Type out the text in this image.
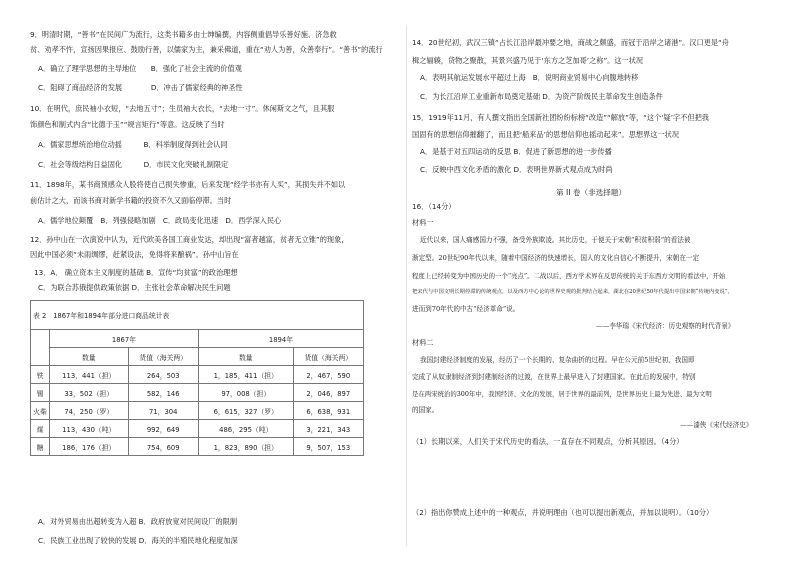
9．明清时期，“善书”在民间广为流行，这类书籍多由士绅编撰，内容侧重倡导乐善好施、济急救
贫、劝孝不忤，宣扬因果报应、鼓励行善，以儒家为主，兼采佛道，重在“劝人为善，众善奉行”。“善书”的流行
A．确立了理学思想的主导地位　　B．强化了社会主流的价值观
C．阻碍了商品经济的发展　　　　D．冲击了儒家经典的神圣性
10．在明代，庶民袖小衣短，“去地五寸”；生员袖大衣长，“去地一寸”。休闲斯文之气，且其服
饰颜色和制式内含“比德于玉”“规言矩行”等意。这反映了当时
A．儒家思想统治地位动摇　　　B．科举制度得到社会认同
C．社会等级结构日益固化　　　D．市民文化突破礼制限定
11．1898年，某书商预感众人股将使自己损失惨重，后来发现“经学书亦有人买”，其损失并不如以
前估计之大，而该书商对新学书籍的投资不久又面临停滞。当时
A．儒学地位颠覆　B．列强侵略加剧　C．政局变化迅速　D．西学深入民心
12．孙中山在一次演说中认为，近代欧美各国工商业发达，却出现“富者越富，贫者无立锥”的现象，
因此中国必须“未雨绸缪，赶紧设法，免得将来酿祸”。孙中山旨在
13．A． 确立资本主义制度的基础 B．宣传“均贫富”的政治理想
C．为联合苏俄提供政策依据 D．主张社会革命解决民生问题
表 2　1867年和1894年部分进口商品统计表				
	1867年		1894年	
	数量	货值（海关两）	数量	货值（海关两）
铁	113，441（担）	264，503	1，185，411（担）	2，467，590
锡	33，502（担）	582，146	97，008（担）	2，046，897
火柴	74，250（罗）	71，304	6，615，327（罗）	6，638，931
煤	113，430（吨）	992，649	486，295（吨）	3，221，343
糖	186，176（担）	754，609	1，823，890（担）	9，507，153
A．对外贸易由出超转变为入超 B．政府放宽对民间设厂的限制
C．民族工业出现了较快的发展 D．海关的半殖民地化程度加深
14．20世纪初，武汉三镇“占长江沿岸最冲要之地，商战之颇盛，而冠于沿岸之诸港”。汉口更是“舟
楫之辐辏，货物之聚散，其景兴盛乃见于‘东方之芝加哥’之称”。这一状况
A．表明其航运发展水平超过上海　B．说明商业贸易中心向腹地转移
C．为长江沿岸工业重新布局奠定基础 D．为资产阶级民主革命发生创造条件
15．1919年11月，有人撰文指出全国新社团纷纷标榜“改造”“解放”等，“这个‘疑’字不但把我
国固有的思想信仰摧翻了，而且把‘船来品’的思想信仰也摇动起来”。思想界这一状况
A．是基于对五四运动的反思 B．促进了新思想的进一步传播
C．反映中西文化矛盾的激化 D．表明世界新式观点成为时尚
第 II 卷（非选择题）
16．（14分）
材料一
近代以来，国人痛感国力不强，备受外族欺凌。其比历史，于便关于宋朝“积贫积弱”的看法被
渐定型。20世纪90年代以来，随着中国经济的快速增长，国人的文化自信心不断提升，宋朝在一定
程度上已经转变为中国历史的一个“亮点”。二战以后，西方学术界在反思传统的关于东西方文明的看法中，开始
把宋代与中国文明长期停滞的传统观点，以及西方中心论的世界史观的批判结合起来，湖北在20世纪50年代提出中国宋朝“传统内变说”，
进而到70年代的中古“经济革命”说。
——李华瑞《宋代经济：历史观察的时代背景》
材料二
我国封建经济制度的发展，经历了一个长期的、复杂曲折的过程。早在公元前5世纪初，我国即
完成了从奴隶制经济到封建制经济的过渡，在世界上最早进入了封建国家。在此后的发展中，特别
是在两宋统治的300年中，我国经济、文化的发展，居于世界的最前列，是世界历史上最为先进、最为文明
的国家。
——漆侠《宋代经济史》
（1）长期以来，人们关于宋代历史的看法，一直存在不同观点，分析其原因。（4分）
（2）指出你赞成上述中的一种观点，并说明理由（也可以提出新观点，并加以说明）。（10分）
